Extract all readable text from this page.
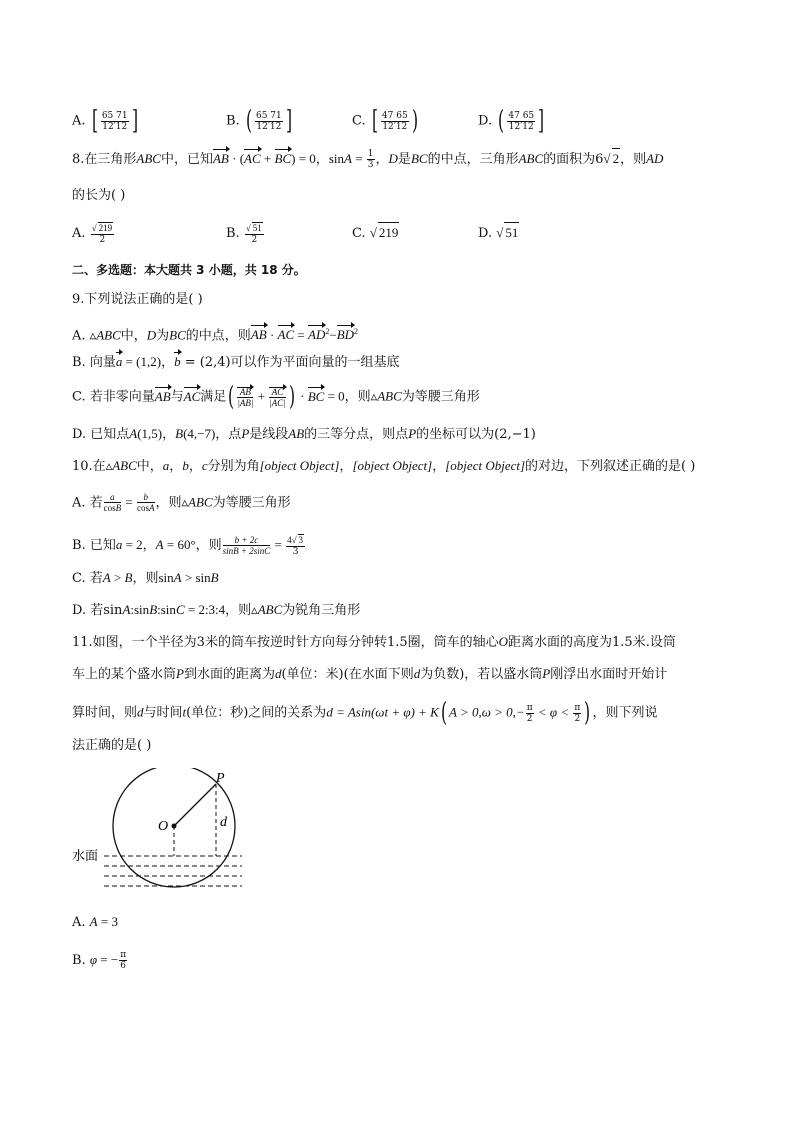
A. [ $\frac{65 71}{12'12}$ ]	B. ( $\frac{65 71}{12'12}$ ]	C. [ $\frac{47 65}{12'12}$ )	D. ( $\frac{47 65}{12'12}$ ]
8.在三角形ABC中，已知AB · (AC + BC) = 0，$\sin A = \frac{1}{3}$ ，D是BC的中点，三角形ABC的面积为6√ 2，则AD
的长为( )
A. $\frac{√ 219}{2}$	B. $\frac{√ 51}{2}$	C. √ 219	D. √ 51
二、多选题：本大题共 3 小题，共 18 分。
9.下列说法正确的是( )
A. ▵ABC中，D为BC的中点，则AB · AC = $AD^2-BD^2$
B. 向量a = (1,2)，b = (2,4)可以作为平面向量的一组基底
C. 若非零向量AB与AC满足( $\frac{AB}{|AB|} + \frac{AC}{|AC|}$ ) · BC = 0，则▵ABC为等腰三角形
D. 已知点A(1,5)，B(4,−7)，点P是线段AB的三等分点，则点P的坐标可以为(2,−1)
10.在▵ABC中，a，b，c分别为角[object Object]，[object Object]，[object Object]的对边，下列叙述正确的是( )
A. 若 $\frac{a}{\cos B} = \frac{b}{\cos A}$ ，则▵ABC为等腰三角形
B. 已知a = 2，A = 60°，则 $\frac{b + 2c}{\sin B + 2\sin C} = \frac{4√ 3}{3}$
C. 若A > B，则sinA > sinB
D. 若sinA:sinB:sinC = 2:3:4，则▵ABC为锐角三角形
11.如图，一个半径为3米的筒车按逆时针方向每分钟转1.5圈，筒车的轴心O距离水面的高度为1.5米.设筒
车上的某个盛水筒P到水面的距离为d(单位：米)(在水面下则d为负数)，若以盛水筒P刚浮出水面时开始计
算时间，则d与时间t(单位：秒)之间的关系为d = Asin(ωt + φ) + K( $A > 0,\omega > 0,- \frac{\pi}{2} < \varphi < \frac{\pi}{2}$ ) ，则下列说
法正确的是( )
P
O	d
水面
A. A = 3
B. φ = − $\frac{\pi}{6}$
